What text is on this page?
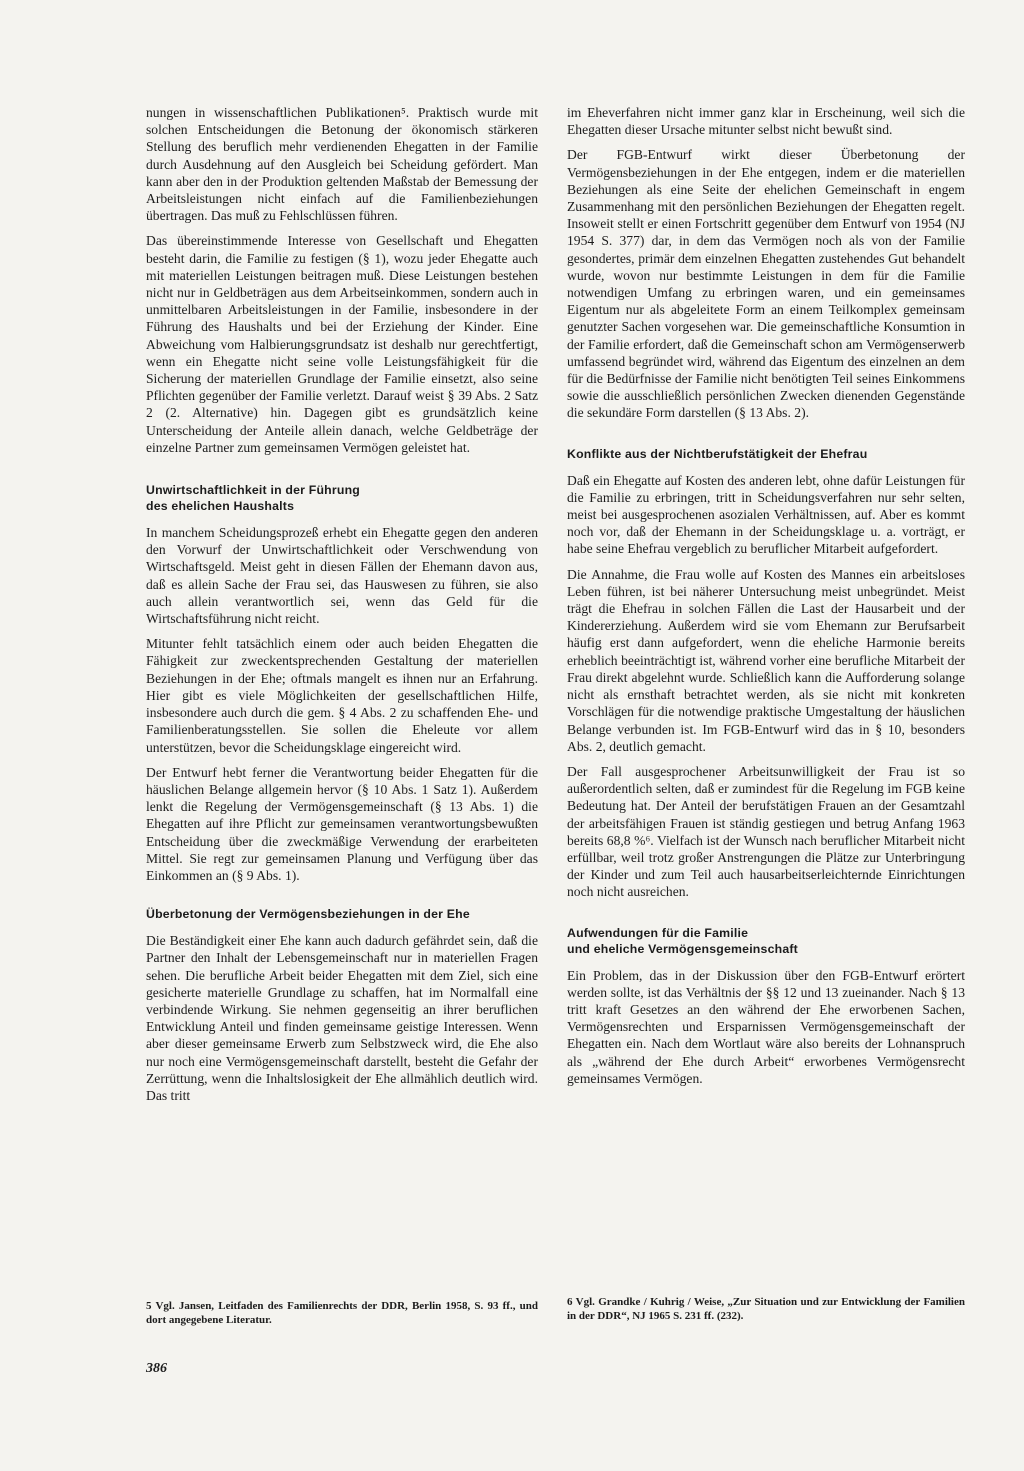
nungen in wissenschaftlichen Publikationen⁵. Praktisch wurde mit solchen Entscheidungen die Betonung der ökonomisch stärkeren Stellung des beruflich mehr verdienenden Ehegatten in der Familie durch Ausdehnung auf den Ausgleich bei Scheidung gefördert. Man kann aber den in der Produktion geltenden Maßstab der Bemessung der Arbeitsleistungen nicht einfach auf die Familienbeziehungen übertragen. Das muß zu Fehlschlüssen führen.

Das übereinstimmende Interesse von Gesellschaft und Ehegatten besteht darin, die Familie zu festigen (§ 1), wozu jeder Ehegatte auch mit materiellen Leistungen beitragen muß. Diese Leistungen bestehen nicht nur in Geldbeträgen aus dem Arbeitseinkommen, sondern auch in unmittelbaren Arbeitsleistungen in der Familie, insbesondere in der Führung des Haushalts und bei der Erziehung der Kinder. Eine Abweichung vom Halbierungsgrundsatz ist deshalb nur gerechtfertigt, wenn ein Ehegatte nicht seine volle Leistungsfähigkeit für die Sicherung der materiellen Grundlage der Familie einsetzt, also seine Pflichten gegenüber der Familie verletzt. Darauf weist § 39 Abs. 2 Satz 2 (2. Alternative) hin. Dagegen gibt es grundsätzlich keine Unterscheidung der Anteile allein danach, welche Geldbeträge der einzelne Partner zum gemeinsamen Vermögen geleistet hat.

Unwirtschaftlichkeit in der Führung
des ehelichen Haushalts

In manchem Scheidungsprozeß erhebt ein Ehegatte gegen den anderen den Vorwurf der Unwirtschaftlichkeit oder Verschwendung von Wirtschaftsgeld. Meist geht in diesen Fällen der Ehemann davon aus, daß es allein Sache der Frau sei, das Hauswesen zu führen, sie also auch allein verantwortlich sei, wenn das Geld für die Wirtschaftsführung nicht reicht.

Mitunter fehlt tatsächlich einem oder auch beiden Ehegatten die Fähigkeit zur zweckentsprechenden Gestaltung der materiellen Beziehungen in der Ehe; oftmals mangelt es ihnen nur an Erfahrung. Hier gibt es viele Möglichkeiten der gesellschaftlichen Hilfe, insbesondere auch durch die gem. § 4 Abs. 2 zu schaffenden Ehe- und Familienberatungsstellen. Sie sollen die Eheleute vor allem unterstützen, bevor die Scheidungsklage eingereicht wird.

Der Entwurf hebt ferner die Verantwortung beider Ehegatten für die häuslichen Belange allgemein hervor (§ 10 Abs. 1 Satz 1). Außerdem lenkt die Regelung der Vermögensgemeinschaft (§ 13 Abs. 1) die Ehegatten auf ihre Pflicht zur gemeinsamen verantwortungsbewußten Entscheidung über die zweckmäßige Verwendung der erarbeiteten Mittel. Sie regt zur gemeinsamen Planung und Verfügung über das Einkommen an (§ 9 Abs. 1).

Überbetonung der Vermögensbeziehungen in der Ehe

Die Beständigkeit einer Ehe kann auch dadurch gefährdet sein, daß die Partner den Inhalt der Lebensgemeinschaft nur in materiellen Fragen sehen. Die berufliche Arbeit beider Ehegatten mit dem Ziel, sich eine gesicherte materielle Grundlage zu schaffen, hat im Normalfall eine verbindende Wirkung. Sie nehmen gegenseitig an ihrer beruflichen Entwicklung Anteil und finden gemeinsame geistige Interessen. Wenn aber dieser gemeinsame Erwerb zum Selbstzweck wird, die Ehe also nur noch eine Vermögensgemeinschaft darstellt, besteht die Gefahr der Zerrüttung, wenn die Inhaltslosigkeit der Ehe allmählich deutlich wird. Das tritt

5 Vgl. Jansen, Leitfaden des Familienrechts der DDR, Berlin 1958, S. 93 ff., und dort angegebene Literatur.

im Eheverfahren nicht immer ganz klar in Erscheinung, weil sich die Ehegatten dieser Ursache mitunter selbst nicht bewußt sind.

Der FGB-Entwurf wirkt dieser Überbetonung der Vermögensbeziehungen in der Ehe entgegen, indem er die materiellen Beziehungen als eine Seite der ehelichen Gemeinschaft in engem Zusammenhang mit den persönlichen Beziehungen der Ehegatten regelt. Insoweit stellt er einen Fortschritt gegenüber dem Entwurf von 1954 (NJ 1954 S. 377) dar, in dem das Vermögen noch als von der Familie gesondertes, primär dem einzelnen Ehegatten zustehendes Gut behandelt wurde, wovon nur bestimmte Leistungen in dem für die Familie notwendigen Umfang zu erbringen waren, und ein gemeinsames Eigentum nur als abgeleitete Form an einem Teilkomplex gemeinsam genutzter Sachen vorgesehen war. Die gemeinschaftliche Konsumtion in der Familie erfordert, daß die Gemeinschaft schon am Vermögenserwerb umfassend begründet wird, während das Eigentum des einzelnen an dem für die Bedürfnisse der Familie nicht benötigten Teil seines Einkommens sowie die ausschließlich persönlichen Zwecken dienenden Gegenstände die sekundäre Form darstellen (§ 13 Abs. 2).

Konflikte aus der Nichtberufstätigkeit der Ehefrau

Daß ein Ehegatte auf Kosten des anderen lebt, ohne dafür Leistungen für die Familie zu erbringen, tritt in Scheidungsverfahren nur sehr selten, meist bei ausgesprochenen asozialen Verhältnissen, auf. Aber es kommt noch vor, daß der Ehemann in der Scheidungsklage u. a. vorträgt, er habe seine Ehefrau vergeblich zu beruflicher Mitarbeit aufgefordert.

Die Annahme, die Frau wolle auf Kosten des Mannes ein arbeitsloses Leben führen, ist bei näherer Untersuchung meist unbegründet. Meist trägt die Ehefrau in solchen Fällen die Last der Hausarbeit und der Kindererziehung. Außerdem wird sie vom Ehemann zur Berufsarbeit häufig erst dann aufgefordert, wenn die eheliche Harmonie bereits erheblich beeinträchtigt ist, während vorher eine berufliche Mitarbeit der Frau direkt abgelehnt wurde. Schließlich kann die Aufforderung solange nicht als ernsthaft betrachtet werden, als sie nicht mit konkreten Vorschlägen für die notwendige praktische Umgestaltung der häuslichen Belange verbunden ist. Im FGB-Entwurf wird das in § 10, besonders Abs. 2, deutlich gemacht.

Der Fall ausgesprochener Arbeitsunwilligkeit der Frau ist so außerordentlich selten, daß er zumindest für die Regelung im FGB keine Bedeutung hat. Der Anteil der berufstätigen Frauen an der Gesamtzahl der arbeitsfähigen Frauen ist ständig gestiegen und betrug Anfang 1963 bereits 68,8 %⁶. Vielfach ist der Wunsch nach beruflicher Mitarbeit nicht erfüllbar, weil trotz großer Anstrengungen die Plätze zur Unterbringung der Kinder und zum Teil auch hausarbeitserleichternde Einrichtungen noch nicht ausreichen.

Aufwendungen für die Familie
und eheliche Vermögensgemeinschaft

Ein Problem, das in der Diskussion über den FGB-Entwurf erörtert werden sollte, ist das Verhältnis der §§ 12 und 13 zueinander. Nach § 13 tritt kraft Gesetzes an den während der Ehe erworbenen Sachen, Vermögensrechten und Ersparnissen Vermögensgemeinschaft der Ehegatten ein. Nach dem Wortlaut wäre also bereits der Lohnanspruch als „während der Ehe durch Arbeit“ erworbenes Vermögensrecht gemeinsames Vermögen.

6 Vgl. Grandke / Kuhrig / Weise, „Zur Situation und zur Entwicklung der Familien in der DDR“, NJ 1965 S. 231 ff. (232).

386
